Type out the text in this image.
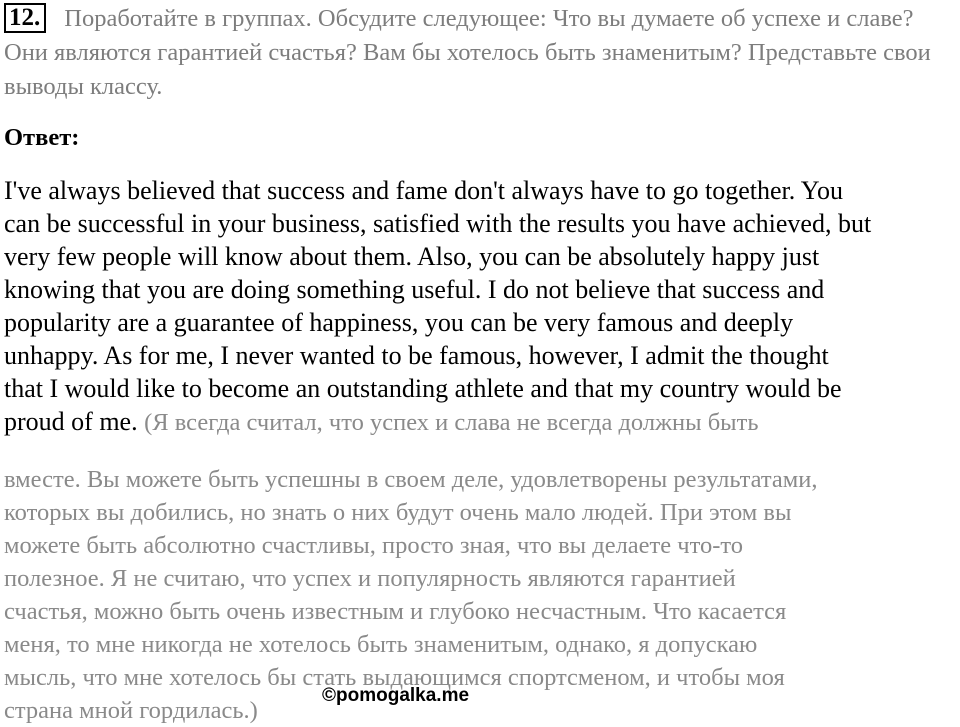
12. Поработайте в группах. Обсудите следующее: Что вы думаете об успехе и славе? Они являются гарантией счастья? Вам бы хотелось быть знаменитым? Представьте свои выводы классу.
Ответ:
I've always believed that success and fame don't always have to go together. You
can be successful in your business, satisfied with the results you have achieved, but
very few people will know about them. Also, you can be absolutely happy just
knowing that you are doing something useful. I do not believe that success and
popularity are a guarantee of happiness, you can be very famous and deeply
unhappy. As for me, I never wanted to be famous, however, I admit the thought
that I would like to become an outstanding athlete and that my country would be
proud of me. (Я всегда считал, что успех и слава не всегда должны быть
вместе. Вы можете быть успешны в своем деле, удовлетворены результатами,
которых вы добились, но знать о них будут очень мало людей. При этом вы
можете быть абсолютно счастливы, просто зная, что вы делаете что-то
полезное. Я не считаю, что успех и популярность являются гарантией
счастья, можно быть очень известным и глубоко несчастным. Что касается
меня, то мне никогда не хотелось быть знаменитым, однако, я допускаю
мысль, что мне хотелось бы стать выдающимся спортсменом, и чтобы моя
страна мной гордилась.)
©pomogalka.me
